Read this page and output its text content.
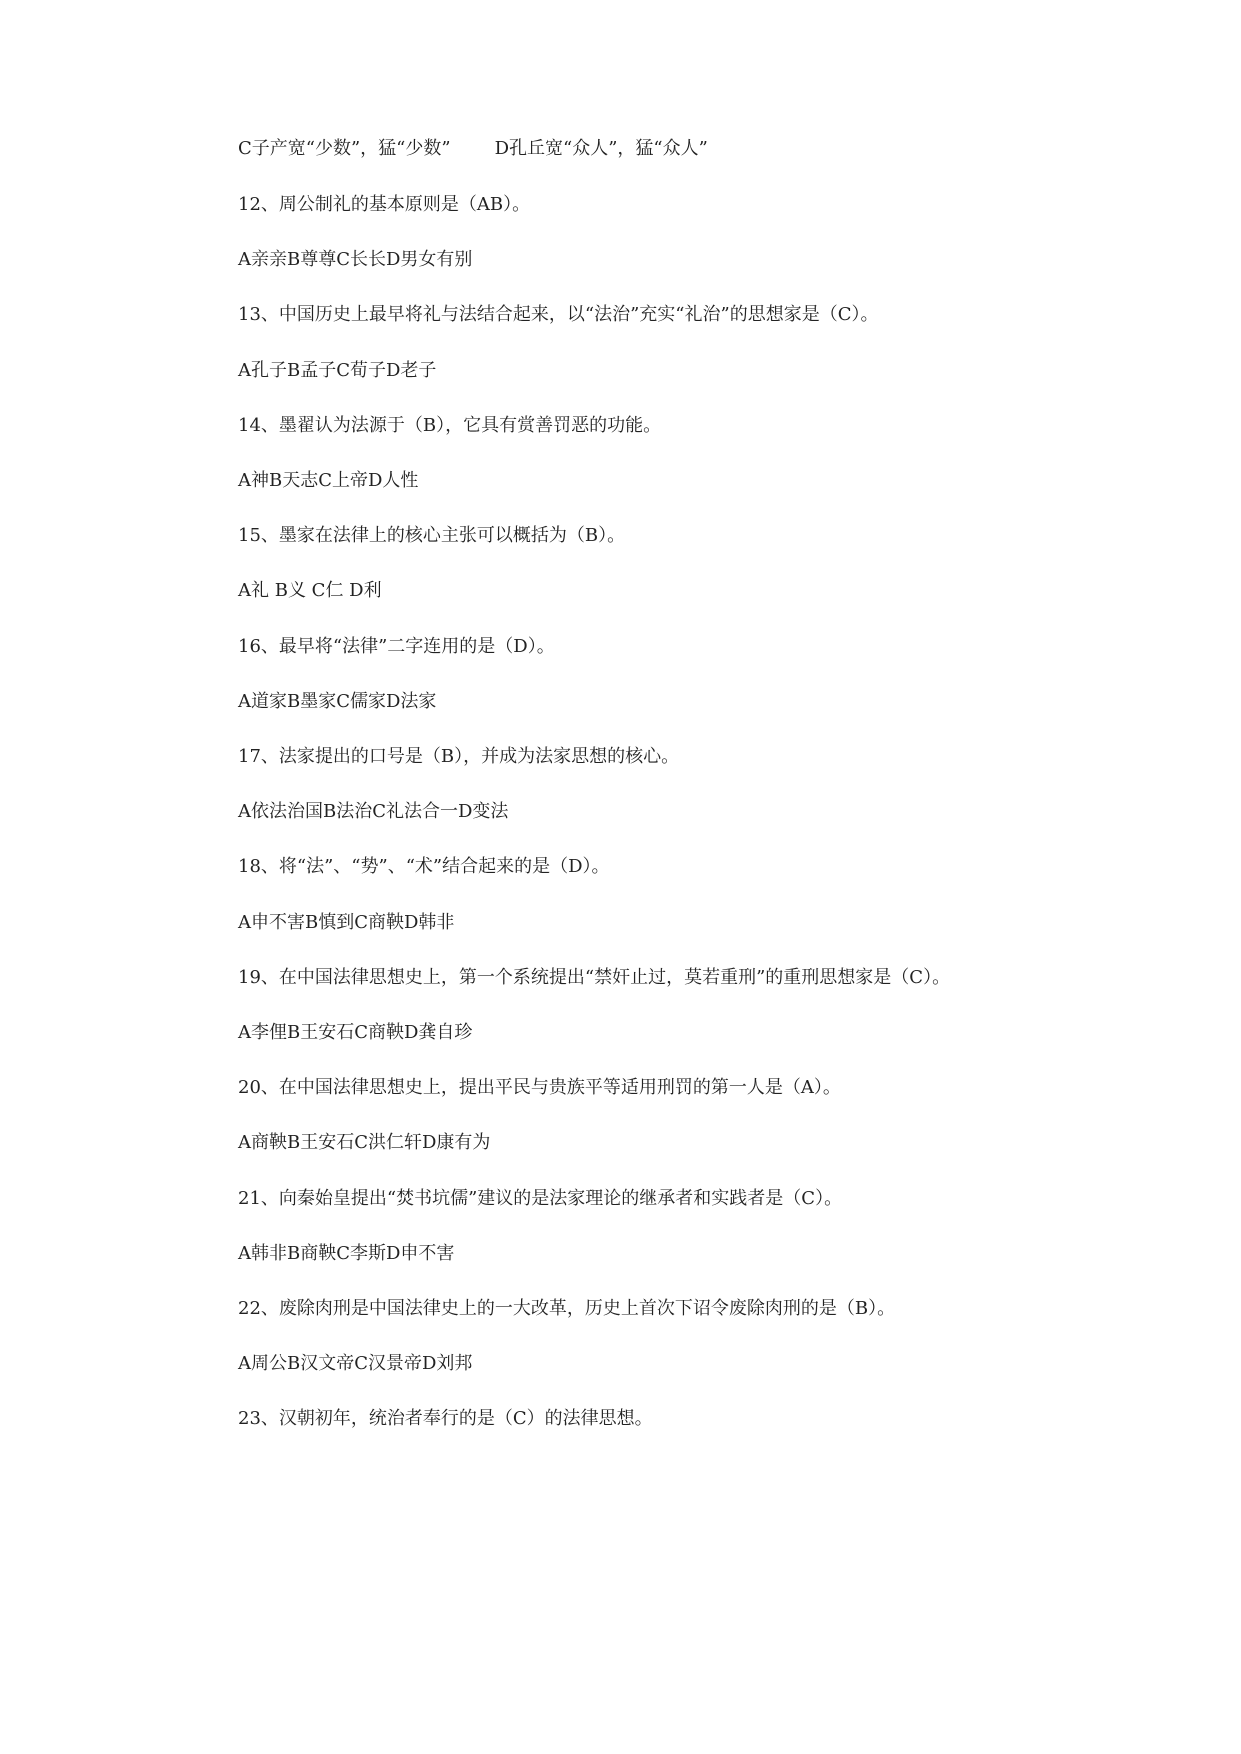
C子产宽“少数”，猛“少数” D孔丘宽“众人”，猛“众人”
12、周公制礼的基本原则是（AB）。
A亲亲B尊尊C长长D男女有别
13、中国历史上最早将礼与法结合起来，以“法治”充实“礼治”的思想家是（C）。
A孔子B孟子C荀子D老子
14、墨翟认为法源于（B），它具有赏善罚恶的功能。
A神B天志C上帝D人性
15、墨家在法律上的核心主张可以概括为（B）。
A礼 B义 C仁 D利
16、最早将“法律”二字连用的是（D）。
A道家B墨家C儒家D法家
17、法家提出的口号是（B），并成为法家思想的核心。
A依法治国B法治C礼法合一D变法
18、将“法”、“势”、“术”结合起来的是（D）。
A申不害B慎到C商鞅D韩非
19、在中国法律思想史上，第一个系统提出“禁奸止过，莫若重刑”的重刑思想家是（C）。
A李俚B王安石C商鞅D龚自珍
20、在中国法律思想史上，提出平民与贵族平等适用刑罚的第一人是（A）。
A商鞅B王安石C洪仁轩D康有为
21、向秦始皇提出“焚书坑儒”建议的是法家理论的继承者和实践者是（C）。
A韩非B商鞅C李斯D申不害
22、废除肉刑是中国法律史上的一大改革，历史上首次下诏令废除肉刑的是（B）。
A周公B汉文帝C汉景帝D刘邦
23、汉朝初年，统治者奉行的是（C）的法律思想。
